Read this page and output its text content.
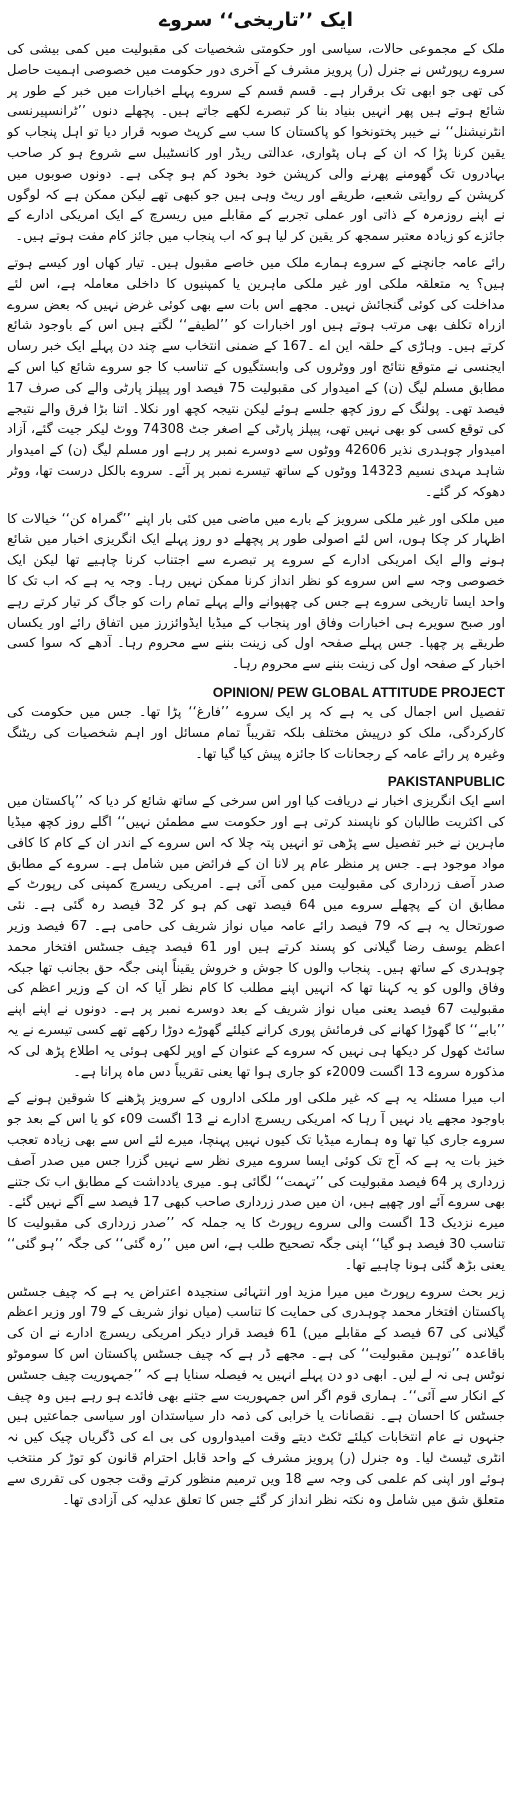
ایک ’’تاریخی‘‘ سروے

ملک کے مجموعی حالات، سیاسی اور حکومتی شخصیات کی مقبولیت میں کمی بیشی کی سروے رپورٹس نے جنرل (ر) پرویز مشرف کے آخری دور حکومت میں خصوصی اہمیت حاصل کی تھی جو ابھی تک برقرار ہے۔ قسم قسم کے سروے پہلے اخبارات میں خبر کے طور پر شائع ہوتے ہیں پھر انہیں بنیاد بنا کر تبصرے لکھے جاتے ہیں۔ پچھلے دنوں ’’ٹرانسپیرنسی انٹرنیشنل‘‘ نے خیبر پختونخوا کو پاکستان کا سب سے کرپٹ صوبہ قرار دیا تو اہل پنجاب کو یقین کرنا پڑا کہ ان کے ہاں پٹواری، عدالتی ریڈر اور کانسٹیبل سے شروع ہو کر صاحب بہادروں تک گھومنے پھرنے والی کرپشن خود بخود کم ہو چکی ہے۔ دونوں صوبوں میں کرپشن کے روایتی شعبے، طریقے اور ریٹ وہی ہیں جو کبھی تھے لیکن ممکن ہے کہ لوگوں نے اپنے روزمرہ کے ذاتی اور عملی تجربے کے مقابلے میں ریسرچ کے ایک امریکی ادارے کے جائزے کو زیادہ معتبر سمجھ کر یقین کر لیا ہو کہ اب پنجاب میں جائز کام مفت ہوتے ہیں۔

رائے عامہ جانچنے کے سروے ہمارے ملک میں خاصے مقبول ہیں۔ تیار کھاں اور کیسے ہوتے ہیں؟ یہ متعلقہ ملکی اور غیر ملکی ماہرین یا کمپنیوں کا داخلی معاملہ ہے، اس لئے مداخلت کی کوئی گنجائش نہیں۔ مجھے اس بات سے بھی کوئی غرض نہیں کہ بعض سروے ازراہ تکلف بھی مرتب ہوتے ہیں اور اخبارات کو ’’لطیفے‘‘ لگتے ہیں اس کے باوجود شائع کرتے ہیں۔ وہاڑی کے حلقہ این اے ۔167 کے ضمنی انتخاب سے چند دن پہلے ایک خبر رساں ایجنسی نے متوقع نتائج اور ووٹروں کی وابستگیوں کے تناسب کا جو سروے شائع کیا اس کے مطابق مسلم لیگ (ن) کے امیدوار کی مقبولیت 75 فیصد اور پیپلز پارٹی والے کی صرف 17 فیصد تھی۔ پولنگ کے روز کچھ جلسے ہوئے لیکن نتیجہ کچھ اور نکلا۔ اتنا بڑا فرق والے نتیجے کی توقع کسی کو بھی نہیں تھی، پیپلز پارٹی کے اصغر جٹ 74308 ووٹ لیکر جیت گئے، آزاد امیدوار چوہدری نذیر 42606 ووٹوں سے دوسرے نمبر پر رہے اور مسلم لیگ (ن) کے امیدوار شاہد مہدی نسیم 14323 ووٹوں کے ساتھ تیسرے نمبر پر آئے۔ سروے بالکل درست تھا، ووٹر دھوکہ کر گئے۔

میں ملکی اور غیر ملکی سرویز کے بارے میں ماضی میں کئی بار اپنے ’’گمراہ کن‘‘ خیالات کا اظہار کر چکا ہوں، اس لئے اصولی طور پر پچھلے دو روز پہلے ایک انگریزی اخبار میں شائع ہونے والے ایک امریکی ادارے کے سروے پر تبصرے سے اجتناب کرنا چاہیے تھا لیکن ایک خصوصی وجہ سے اس سروے کو نظر انداز کرنا ممکن نہیں رہا۔ وجہ یہ ہے کہ اب تک کا واحد ایسا تاریخی سروے ہے جس کی چھپوانے والے پہلے تمام رات کو جاگ کر تیار کرتے رہے اور صبح سویرے ہی اخبارات وفاق اور پنجاب کے میڈیا ایڈوائزرز میں اتفاق رائے اور یکساں طریقے پر چھپا۔ جس پہلے صفحہ اول کی زینت بننے سے محروم رہا۔ آدھے کہ سوا کسی اخبار کے صفحہ اول کی زینت بننے سے محروم رہا۔

OPINION/ PEW GLOBAL ATTITUDE PROJECT

تفصیل اس اجمال کی یہ ہے کہ پر ایک سروے ’’فارغ‘‘ پڑا تھا۔ جس میں حکومت کی کارکردگی، ملک کو درپیش مختلف بلکہ تقریباً تمام مسائل اور اہم شخصیات کی ریٹنگ وغیرہ پر رائے عامہ کے رجحانات کا جائزہ پیش کیا گیا تھا۔

PAKISTANPUBLIC

اسے ایک انگریزی اخبار نے دریافت کیا اور اس سرخی کے ساتھ شائع کر دیا کہ ’’پاکستان میں کی اکثریت طالبان کو ناپسند کرتی ہے اور حکومت سے مطمئن نہیں‘‘ اگلے روز کچھ میڈیا ماہرین نے خبر تفصیل سے پڑھی تو انہیں پتہ چلا کہ اس سروے کے اندر ان کے کام کا کافی مواد موجود ہے۔ جس پر منظر عام پر لانا ان کے فرائض میں شامل ہے۔ سروے کے مطابق صدر آصف زرداری کی مقبولیت میں کمی آئی ہے۔ امریکی ریسرچ کمپنی کی رپورٹ کے مطابق ان کے پچھلے سروے میں 64 فیصد تھی کم ہو کر 32 فیصد رہ گئی ہے۔ نئی صورتحال یہ ہے کہ 79 فیصد رائے عامہ میاں نواز شریف کی حامی ہے۔ 67 فیصد وزیر اعظم یوسف رضا گیلانی کو پسند کرتے ہیں اور 61 فیصد چیف جسٹس افتخار محمد چوہدری کے ساتھ ہیں۔ پنجاب والوں کا جوش و خروش یقیناً اپنی جگہ حق بجانب تھا جبکہ وفاق والوں کو یہ کہنا تھا کہ انہیں اپنے مطلب کا کام نظر آیا کہ ان کے وزیر اعظم کی مقبولیت 67 فیصد یعنی میاں نواز شریف کے بعد دوسرے نمبر پر ہے۔ دونوں نے اپنے اپنے ’’بابے‘‘ کا گھوڑا کھانے کی فرمائش پوری کرانے کیلئے گھوڑے دوڑا رکھے تھے کسی تیسرے نے یہ سائٹ کھول کر دیکھا ہی نہیں کہ سروے کے عنوان کے اوپر لکھی ہوئی یہ اطلاع پڑھ لی کہ مذکورہ سروے 13 اگست 2009ء کو جاری ہوا تھا یعنی تقریباً دس ماہ پرانا ہے۔

اب میرا مسئلہ یہ ہے کہ غیر ملکی اور ملکی اداروں کے سرویز پڑھنے کا شوقین ہونے کے باوجود مجھے یاد نہیں آ رہا کہ امریکی ریسرچ ادارے نے 13 اگست 09ء کو یا اس کے بعد جو سروے جاری کیا تھا وہ ہمارے میڈیا تک کیوں نہیں پہنچا، میرے لئے اس سے بھی زیادہ تعجب خیز بات یہ ہے کہ آج تک کوئی ایسا سروے میری نظر سے نہیں گزرا جس میں صدر آصف زرداری پر 64 فیصد مقبولیت کی ’’تہمت‘‘ لگائی ہو۔ میری یادداشت کے مطابق اب تک جتنے بھی سروے آئے اور چھپے ہیں، ان میں صدر زرداری صاحب کبھی 17 فیصد سے آگے نہیں گئے۔ میرے نزدیک 13 اگست والی سروے رپورٹ کا یہ جملہ کہ ’’صدر زرداری کی مقبولیت کا تناسب 30 فیصد ہو گیا‘‘ اپنی جگہ تصحیح طلب ہے، اس میں ’’رہ گئی‘‘ کی جگہ ’’ہو گئی‘‘ یعنی بڑھ گئی ہونا چاہیے تھا۔

زیر بحث سروے رپورٹ میں میرا مزید اور انتہائی سنجیدہ اعتراض یہ ہے کہ چیف جسٹس پاکستان افتخار محمد چوہدری کی حمایت کا تناسب (میاں نواز شریف کے 79 اور وزیر اعظم گیلانی کی 67 فیصد کے مقابلے میں) 61 فیصد قرار دیکر امریکی ریسرچ ادارے نے ان کی باقاعدہ ’’توہین مقبولیت‘‘ کی ہے۔ مجھے ڈر ہے کہ چیف جسٹس پاکستان اس کا سوموٹو نوٹس ہی نہ لے لیں۔ ابھی دو دن پہلے انہیں یہ فیصلہ سنایا ہے کہ ’’جمہوریت چیف جسٹس کے انکار سے آئی‘‘۔ ہماری قوم اگر اس جمہوریت سے جتنے بھی فائدے ہو رہے ہیں وہ چیف جسٹس کا احسان ہے۔ نقصانات یا خرابی کی ذمہ دار سیاستدان اور سیاسی جماعتیں ہیں جنہوں نے عام انتخابات کیلئے ٹکٹ دیتے وقت امیدواروں کی بی اے کی ڈگریاں چیک کیں نہ انٹری ٹیسٹ لیا۔ وہ جنرل (ر) پرویز مشرف کے واحد قابل احترام قانون کو توڑ کر منتخب ہوئے اور اپنی کم علمی کی وجہ سے 18 ویں ترمیم منظور کرتے وقت ججوں کی تقرری سے متعلق شق میں شامل وہ نکتہ نظر انداز کر گئے جس کا تعلق عدلیہ کی آزادی تھا۔
